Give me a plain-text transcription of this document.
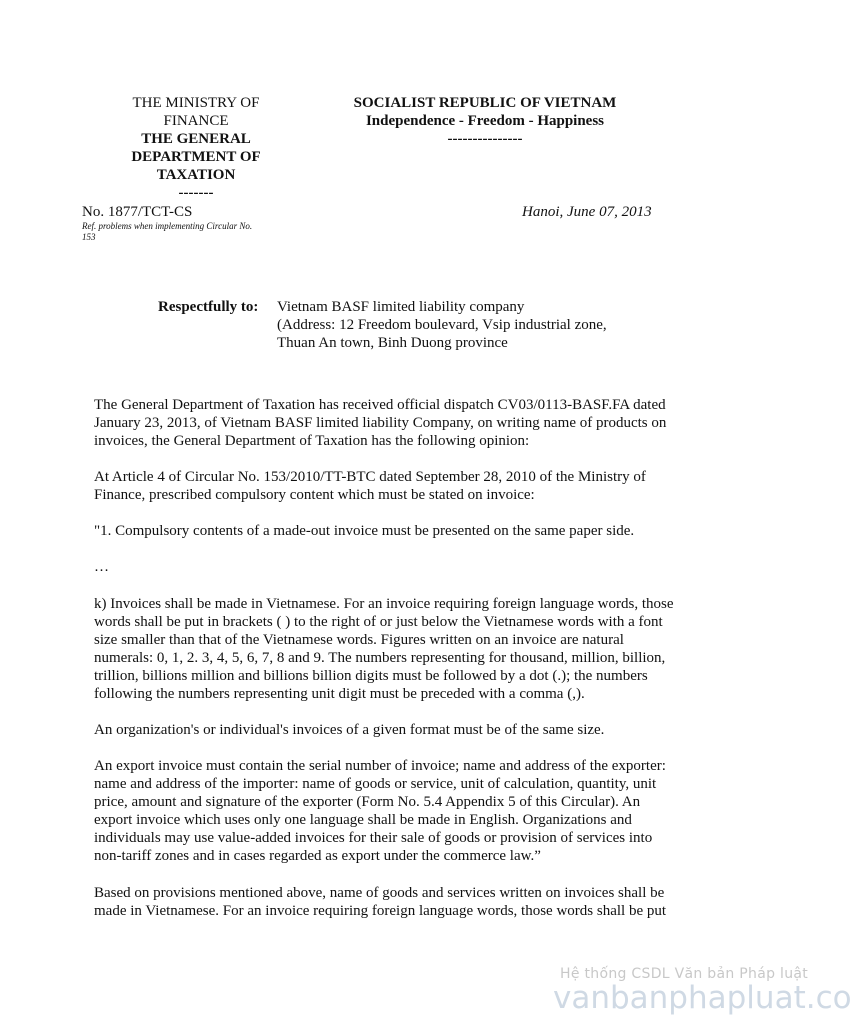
THE MINISTRY OF
FINANCE
THE GENERAL
DEPARTMENT OF
TAXATION
-------
SOCIALIST REPUBLIC OF VIETNAM
Independence - Freedom - Happiness
---------------
No. 1877/TCT-CS
Ref. problems when implementing Circular No.
153
Hanoi, June 07, 2013
Respectfully to: Vietnam BASF limited liability company
(Address: 12 Freedom boulevard, Vsip industrial zone,
Thuan An town, Binh Duong province
The General Department of Taxation has received official dispatch CV03/0113-BASF.FA dated
January 23, 2013, of Vietnam BASF limited liability Company, on writing name of products on
invoices, the General Department of Taxation has the following opinion:
At Article 4 of Circular No. 153/2010/TT-BTC dated September 28, 2010 of the Ministry of
Finance, prescribed compulsory content which must be stated on invoice:
"1. Compulsory contents of a made-out invoice must be presented on the same paper side.
…
k) Invoices shall be made in Vietnamese. For an invoice requiring foreign language words, those
words shall be put in brackets ( ) to the right of or just below the Vietnamese words with a font
size smaller than that of the Vietnamese words. Figures written on an invoice are natural
numerals: 0, 1, 2. 3, 4, 5, 6, 7, 8 and 9. The numbers representing for thousand, million, billion,
trillion, billions million and billions billion digits must be followed by a dot (.); the numbers
following the numbers representing unit digit must be preceded with a comma (,).
An organization's or individual's invoices of a given format must be of the same size.
An export invoice must contain the serial number of invoice; name and address of the exporter:
name and address of the importer: name of goods or service, unit of calculation, quantity, unit
price, amount and signature of the exporter (Form No. 5.4 Appendix 5 of this Circular). An
export invoice which uses only one language shall be made in English. Organizations and
individuals may use value-added invoices for their sale of goods or provision of services into
non-tariff zones and in cases regarded as export under the commerce law.”
Based on provisions mentioned above, name of goods and services written on invoices shall be
made in Vietnamese. For an invoice requiring foreign language words, those words shall be put
Hệ thống CSDL Văn bản Pháp luật
vanbanphapluat.co
